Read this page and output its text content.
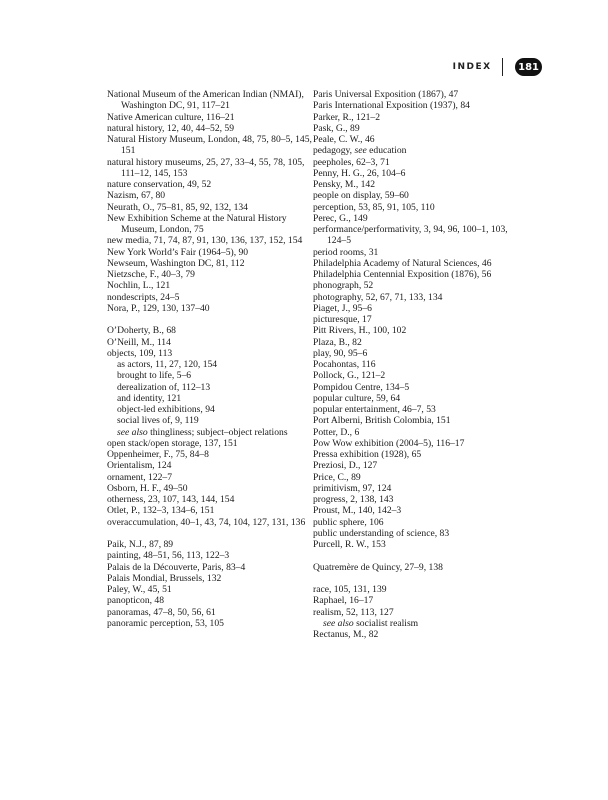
INDEX	181
National Museum of the American Indian (NMAI), Washington DC, 91, 117–21
Native American culture, 116–21
natural history, 12, 40, 44–52, 59
Natural History Museum, London, 48, 75, 80–5, 145, 151
natural history museums, 25, 27, 33–4, 55, 78, 105, 111–12, 145, 153
nature conservation, 49, 52
Nazism, 67, 80
Neurath, O., 75–81, 85, 92, 132, 134
New Exhibition Scheme at the Natural History Museum, London, 75
new media, 71, 74, 87, 91, 130, 136, 137, 152, 154
New York World’s Fair (1964–5), 90
Newseum, Washington DC, 81, 112
Nietzsche, F., 40–3, 79
Nochlin, L., 121
nondescripts, 24–5
Nora, P., 129, 130, 137–40
O’Doherty, B., 68
O’Neill, M., 114
objects, 109, 113
as actors, 11, 27, 120, 154
brought to life, 5–6
derealization of, 112–13
and identity, 121
object-led exhibitions, 94
social lives of, 9, 119
see also thingliness; subject–object relations
open stack/open storage, 137, 151
Oppenheimer, F., 75, 84–8
Orientalism, 124
ornament, 122–7
Osborn, H. F., 49–50
otherness, 23, 107, 143, 144, 154
Otlet, P., 132–3, 134–6, 151
overaccumulation, 40–1, 43, 74, 104, 127, 131, 136
Paik, N.J., 87, 89
painting, 48–51, 56, 113, 122–3
Palais de la Découverte, Paris, 83–4
Palais Mondial, Brussels, 132
Paley, W., 45, 51
panopticon, 48
panoramas, 47–8, 50, 56, 61
panoramic perception, 53, 105
Paris Universal Exposition (1867), 47
Paris International Exposition (1937), 84
Parker, R., 121–2
Pask, G., 89
Peale, C. W., 46
pedagogy, see education
peepholes, 62–3, 71
Penny, H. G., 26, 104–6
Pensky, M., 142
people on display, 59–60
perception, 53, 85, 91, 105, 110
Perec, G., 149
performance/performativity, 3, 94, 96, 100–1, 103, 124–5
period rooms, 31
Philadelphia Academy of Natural Sciences, 46
Philadelphia Centennial Exposition (1876), 56
phonograph, 52
photography, 52, 67, 71, 133, 134
Piaget, J., 95–6
picturesque, 17
Pitt Rivers, H., 100, 102
Plaza, B., 82
play, 90, 95–6
Pocahontas, 116
Pollock, G., 121–2
Pompidou Centre, 134–5
popular culture, 59, 64
popular entertainment, 46–7, 53
Port Alberni, British Colombia, 151
Potter, D., 6
Pow Wow exhibition (2004–5), 116–17
Pressa exhibition (1928), 65
Preziosi, D., 127
Price, C., 89
primitivism, 97, 124
progress, 2, 138, 143
Proust, M., 140, 142–3
public sphere, 106
public understanding of science, 83
Purcell, R. W., 153
Quatremère de Quincy, 27–9, 138
race, 105, 131, 139
Raphael, 16–17
realism, 52, 113, 127
see also socialist realism
Rectanus, M., 82
